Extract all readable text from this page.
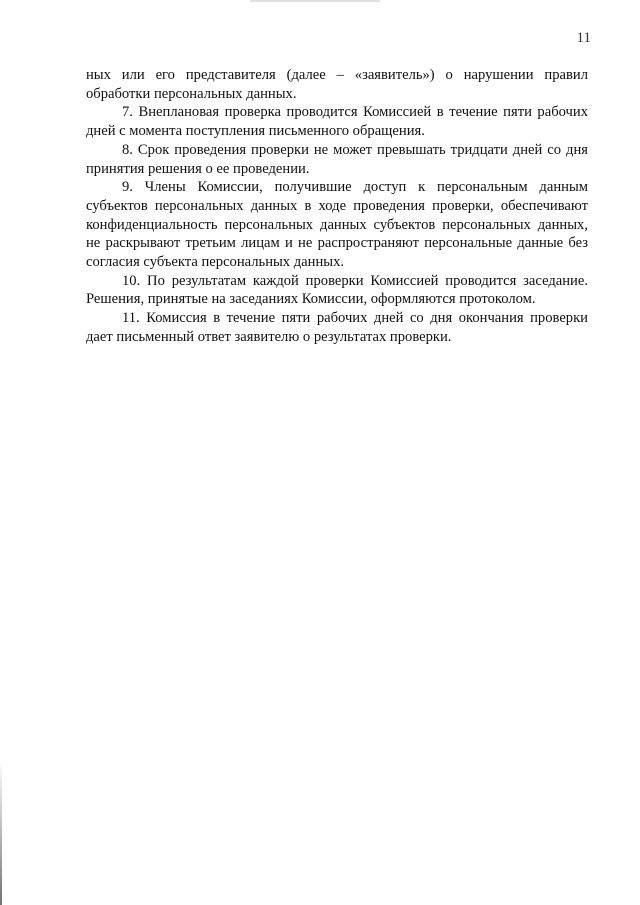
11

ных или его представителя (далее – «заявитель») о нарушении правил обработки персональных данных.

7. Внеплановая проверка проводится Комиссией в течение пяти рабочих дней с момента поступления письменного обращения.

8. Срок проведения проверки не может превышать тридцати дней со дня принятия решения о ее проведении.

9. Члены Комиссии, получившие доступ к персональным данным субъектов персональных данных в ходе проведения проверки, обеспечивают конфиденциальность персональных данных субъектов персональных данных, не раскрывают третьим лицам и не распространяют персональные данные без согласия субъекта персональных данных.

10. По результатам каждой проверки Комиссией проводится заседание. Решения, принятые на заседаниях Комиссии, оформляются протоколом.

11. Комиссия в течение пяти рабочих дней со дня окончания проверки дает письменный ответ заявителю о результатах проверки.
